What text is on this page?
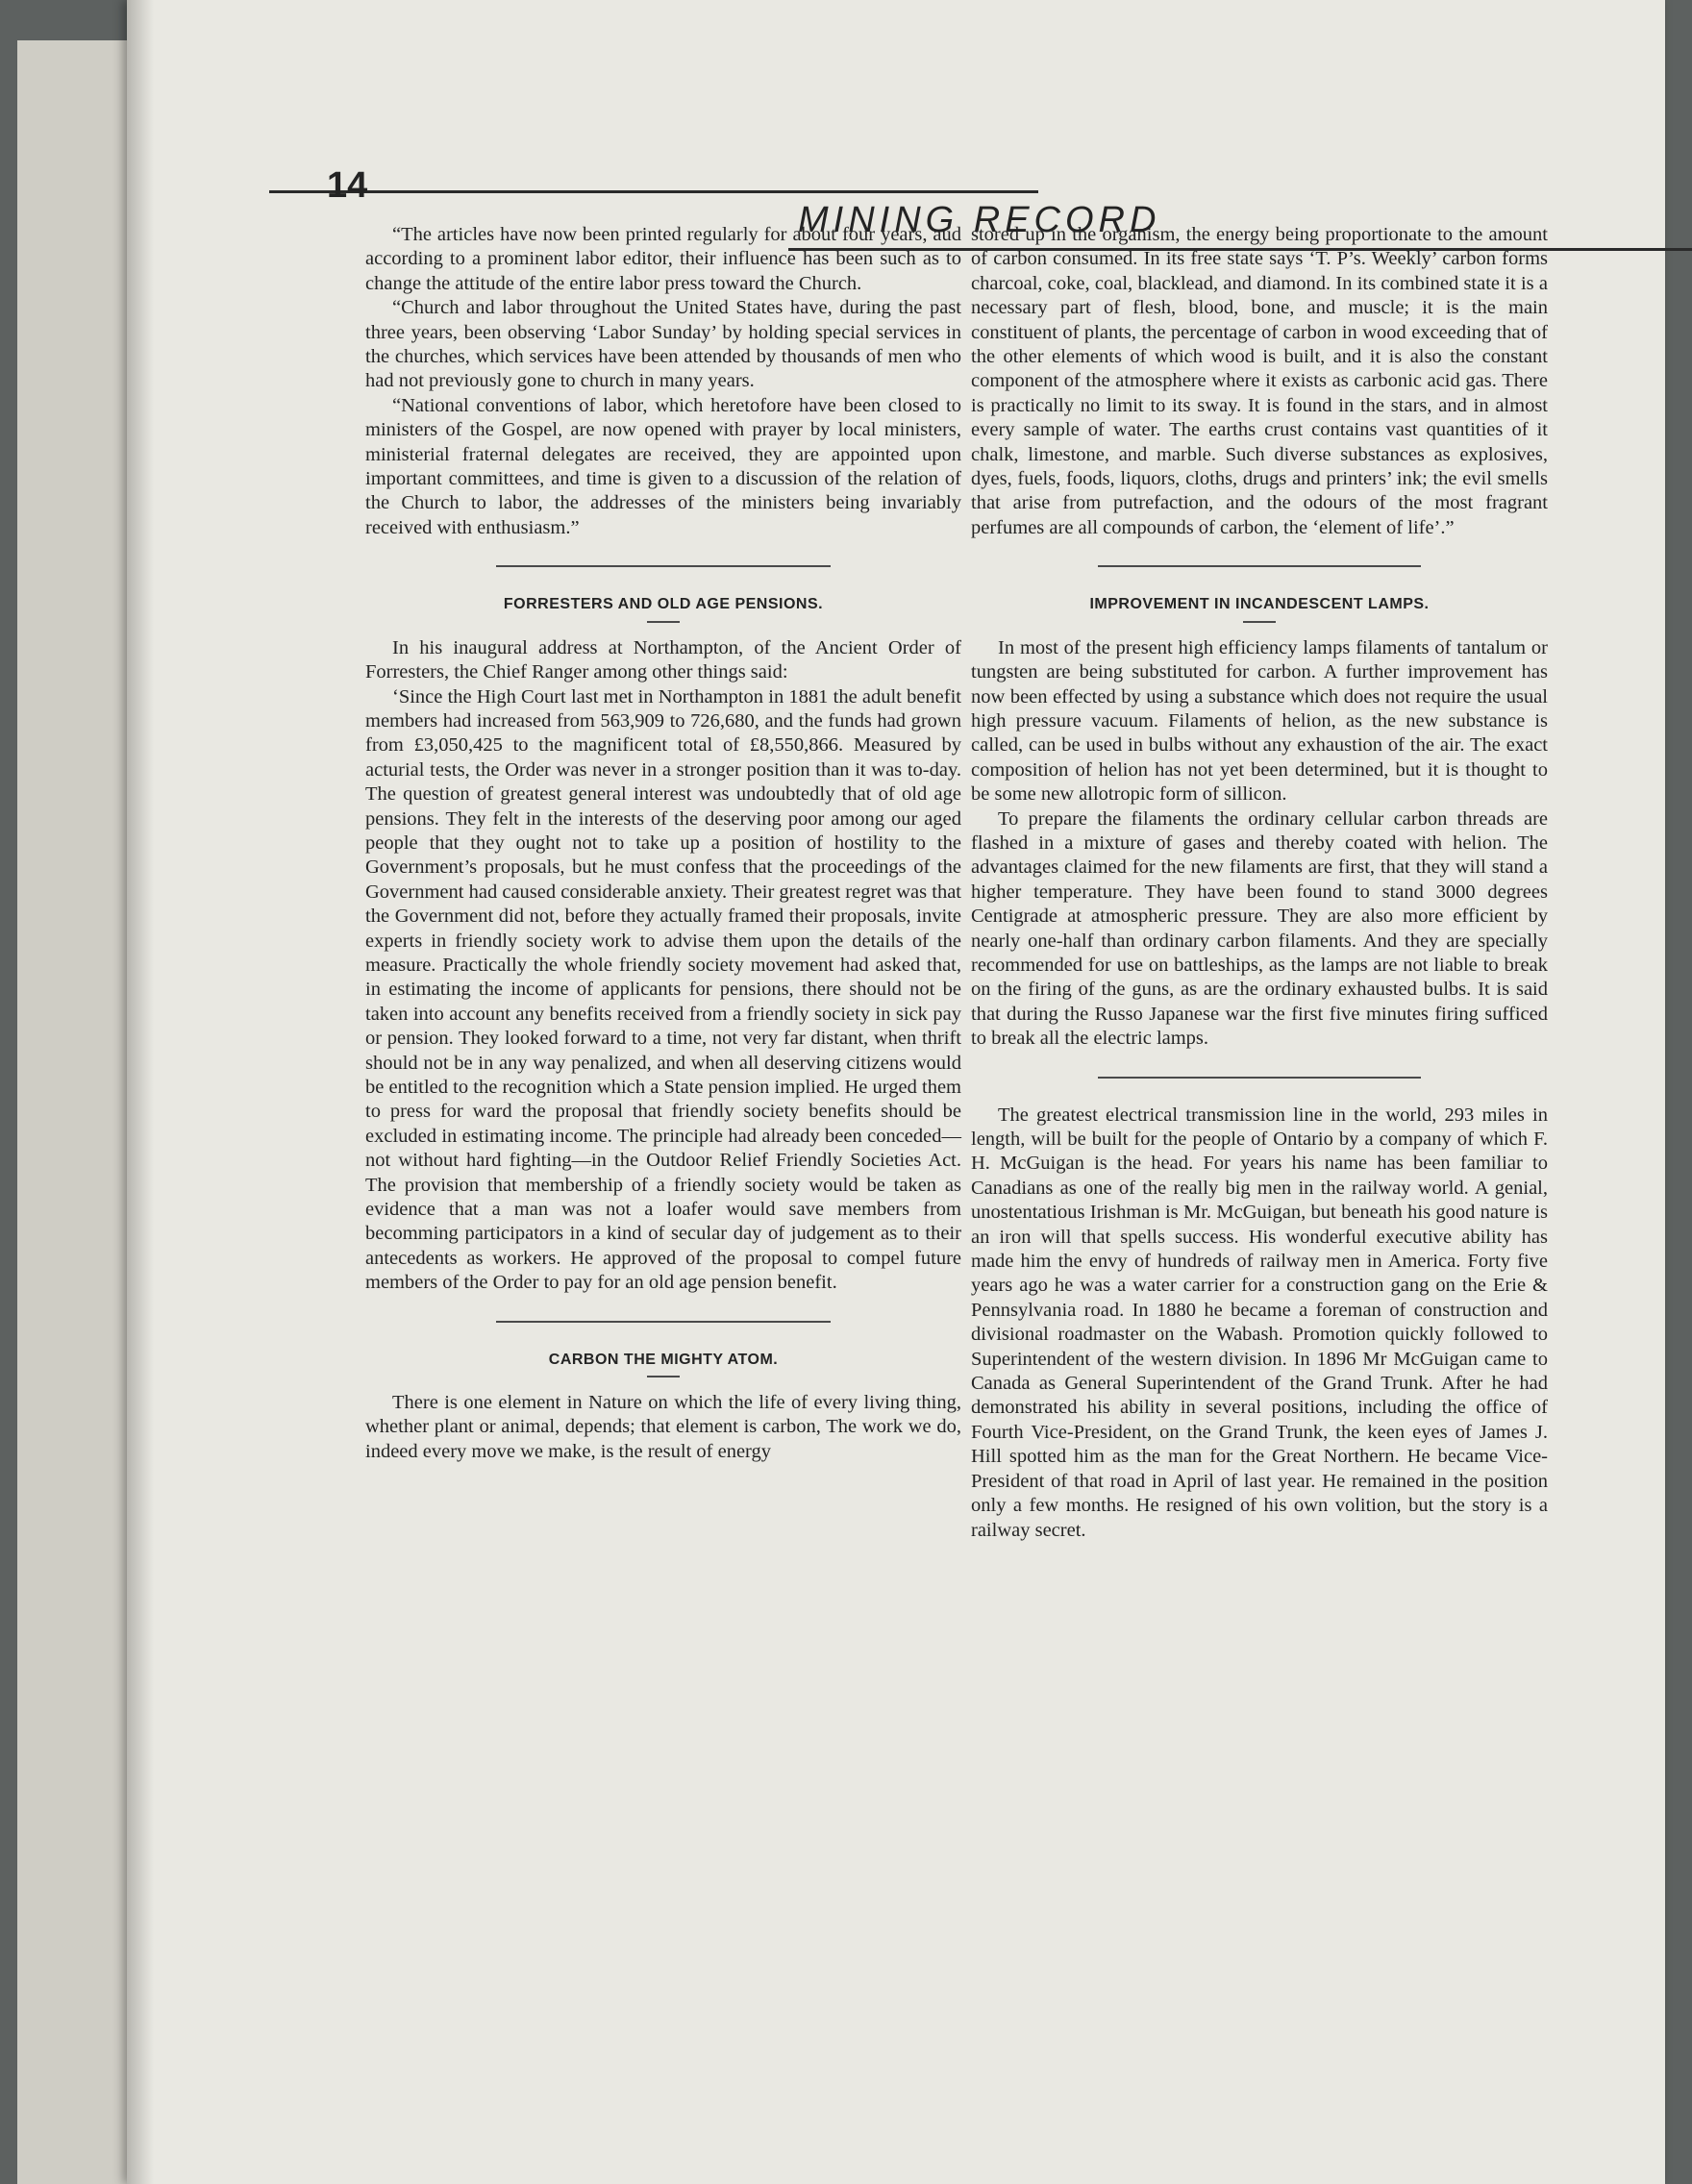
14
MINING RECORD

“The articles have now been printed regularly for about four years, aud according to a prominent labor editor, their influence has been such as to change the attitude of the entire labor press toward the Church.

“Church and labor throughout the United States have, during the past three years, been observing ‘Labor Sunday’ by holding special services in the churches, which services have been attended by thousands of men who had not previously gone to church in many years.

“National conventions of labor, which heretofore have been closed to ministers of the Gospel, are now opened with prayer by local ministers, ministerial fraternal delegates are received, they are appointed upon important committees, and time is given to a discussion of the relation of the Church to labor, the addresses of the ministers being invariably received with enthusiasm.”

FORRESTERS AND OLD AGE PENSIONS.

In his inaugural address at Northampton, of the Ancient Order of Forresters, the Chief Ranger among other things said:

‘Since the High Court last met in Northampton in 1881 the adult benefit members had increased from 563,909 to 726,680, and the funds had grown from £3,050,425 to the magnificent total of £8,550,866. Measured by acturial tests, the Order was never in a stronger position than it was to-day. The question of greatest general interest was undoubtedly that of old age pensions. They felt in the interests of the deserving poor among our aged people that they ought not to take up a position of hostility to the Government’s proposals, but he must confess that the proceedings of the Government had caused considerable anxiety. Their greatest regret was that the Government did not, before they actually framed their proposals, invite experts in friendly society work to advise them upon the details of the measure. Practically the whole friendly society movement had asked that, in estimating the income of applicants for pensions, there should not be taken into account any benefits received from a friendly society in sick pay or pension. They looked forward to a time, not very far distant, when thrift should not be in any way penalized, and when all deserving citizens would be entitled to the recognition which a State pension implied. He urged them to press for ward the proposal that friendly society benefits should be excluded in estimating income. The principle had already been conceded—not without hard fighting—in the Outdoor Relief Friendly Societies Act. The provision that membership of a friendly society would be taken as evidence that a man was not a loafer would save members from becomming participators in a kind of secular day of judgement as to their antecedents as workers. He approved of the proposal to compel future members of the Order to pay for an old age pension benefit.

CARBON THE MIGHTY ATOM.

There is one element in Nature on which the life of every living thing, whether plant or animal, depends; that element is carbon, The work we do, indeed every move we make, is the result of energy

stored up in the organism, the energy being proportionate to the amount of carbon consumed. In its free state says ‘T. P’s. Weekly’ carbon forms charcoal, coke, coal, blacklead, and diamond. In its combined state it is a necessary part of flesh, blood, bone, and muscle; it is the main constituent of plants, the percentage of carbon in wood exceeding that of the other elements of which wood is built, and it is also the constant component of the atmosphere where it exists as carbonic acid gas. There is practically no limit to its sway. It is found in the stars, and in almost every sample of water. The earths crust contains vast quantities of it chalk, limestone, and marble. Such diverse substances as explosives, dyes, fuels, foods, liquors, cloths, drugs and printers’ ink; the evil smells that arise from putrefaction, and the odours of the most fragrant perfumes are all compounds of carbon, the ‘element of life’.”

IMPROVEMENT IN INCANDESCENT LAMPS.

In most of the present high efficiency lamps filaments of tantalum or tungsten are being substituted for carbon. A further improvement has now been effected by using a substance which does not require the usual high pressure vacuum. Filaments of helion, as the new substance is called, can be used in bulbs without any exhaustion of the air. The exact composition of helion has not yet been determined, but it is thought to be some new allotropic form of sillicon.

To prepare the filaments the ordinary cellular carbon threads are flashed in a mixture of gases and thereby coated with helion. The advantages claimed for the new filaments are first, that they will stand a higher temperature. They have been found to stand 3000 degrees Centigrade at atmospheric pressure. They are also more efficient by nearly one-half than ordinary carbon filaments. And they are specially recommended for use on battleships, as the lamps are not liable to break on the firing of the guns, as are the ordinary exhausted bulbs. It is said that during the Russo Japanese war the first five minutes firing sufficed to break all the electric lamps.

The greatest electrical transmission line in the world, 293 miles in length, will be built for the people of Ontario by a company of which F. H. McGuigan is the head. For years his name has been familiar to Canadians as one of the really big men in the railway world. A genial, unostentatious Irishman is Mr. McGuigan, but beneath his good nature is an iron will that spells success. His wonderful executive ability has made him the envy of hundreds of railway men in America. Forty five years ago he was a water carrier for a construction gang on the Erie & Pennsylvania road. In 1880 he became a foreman of construction and divisional roadmaster on the Wabash. Promotion quickly followed to Superintendent of the western division. In 1896 Mr McGuigan came to Canada as General Superintendent of the Grand Trunk. After he had demonstrated his ability in several positions, including the office of Fourth Vice-President, on the Grand Trunk, the keen eyes of James J. Hill spotted him as the man for the Great Northern. He became Vice-President of that road in April of last year. He remained in the position only a few months. He resigned of his own volition, but the story is a railway secret.
